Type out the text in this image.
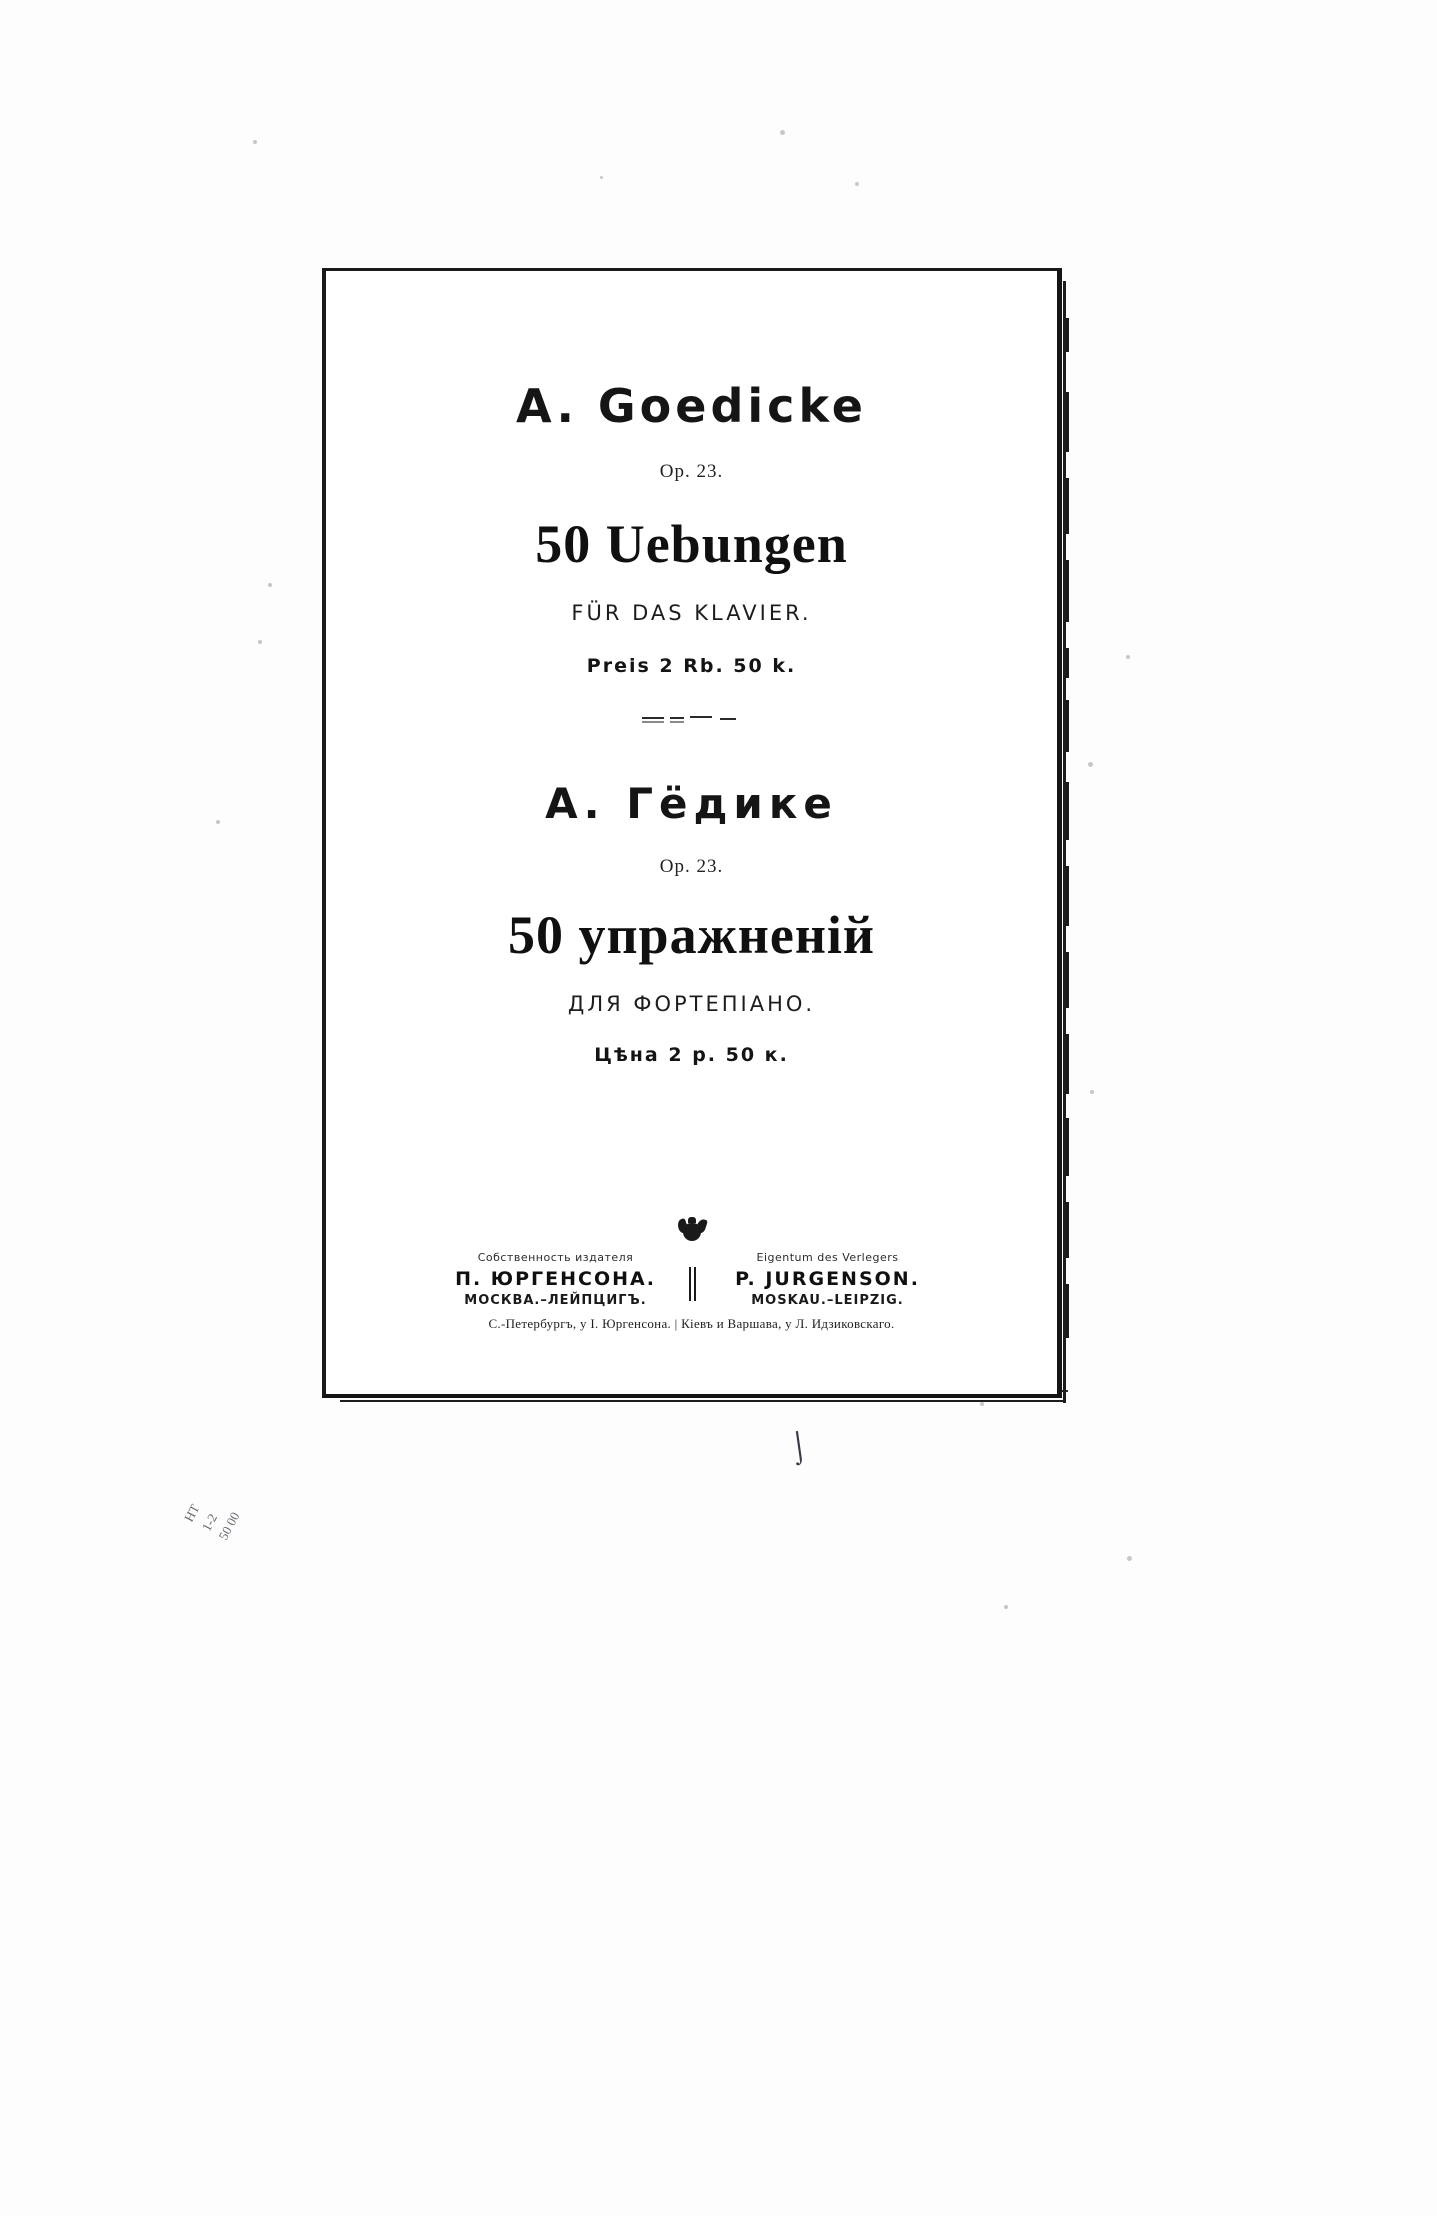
A. Goedicke
Op. 23.
50 Uebungen
FÜR DAS KLAVIER.
Preis 2 Rb. 50 k.
А. Гёдике
Op. 23.
50 упражненій
ДЛЯ ФОРТЕПІАНО.
Цѣна 2 р. 50 к.
Собственность издателя
П. ЮРГЕНСОНА.
МОСКВА.–ЛЕЙПЦИГЪ.
Eigentum des Verlegers
P. JURGENSON.
MOSKAU.–LEIPZIG.
С.-Петербургъ, у І. Юргенсона. | Кіевъ и Варшава, у Л. Идзиковскаго.
⌡
НТ
1-2
50 00
